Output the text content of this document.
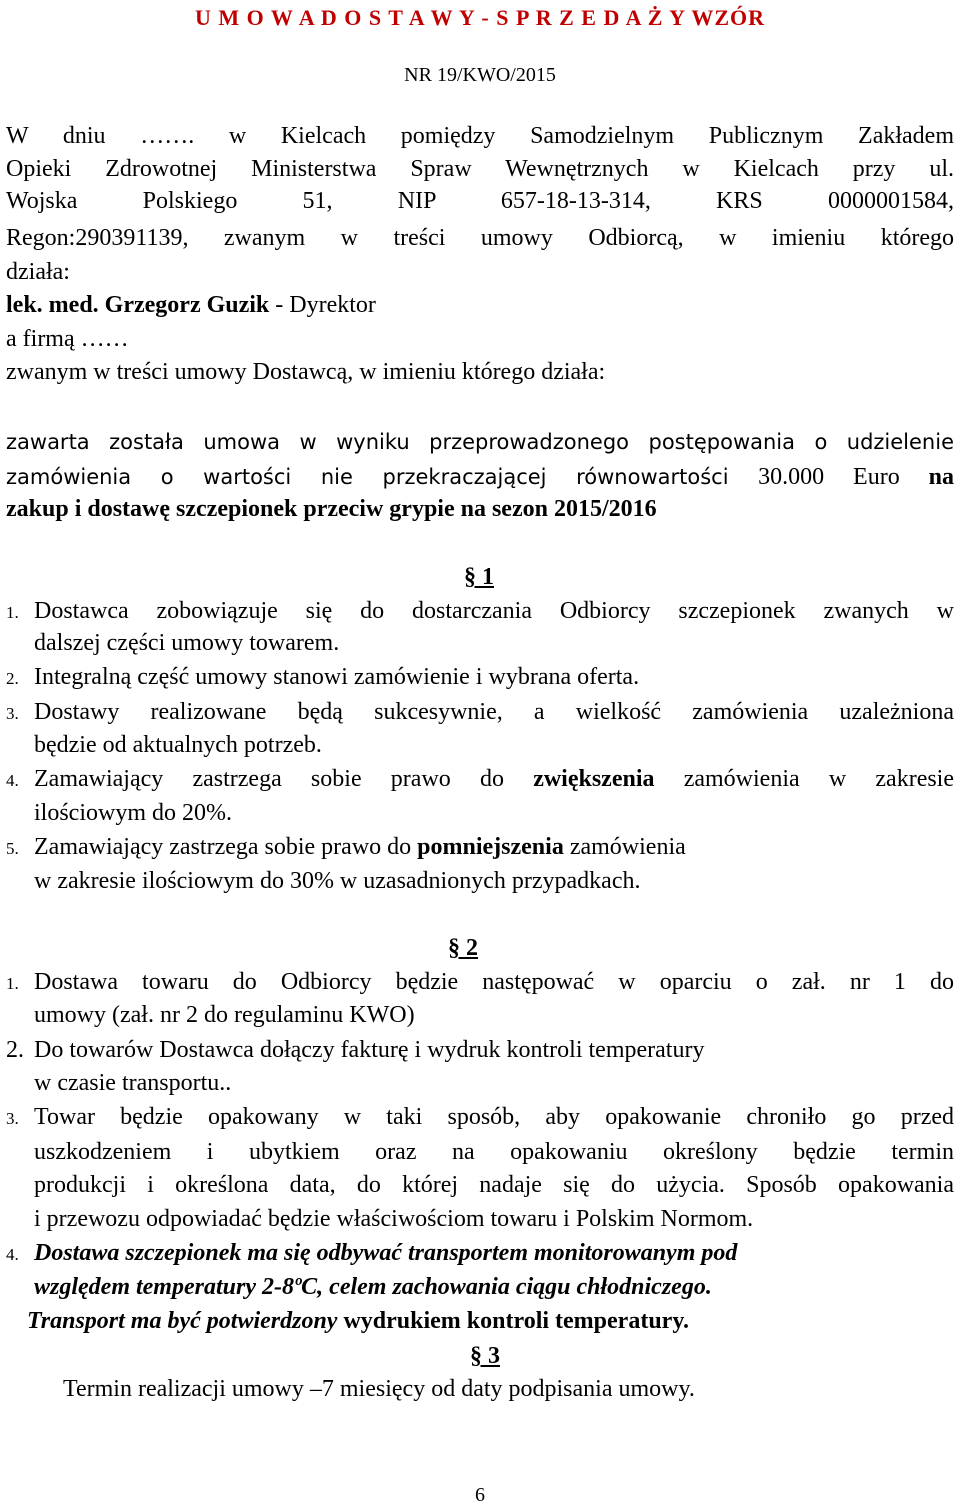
U M O W A D O S T A W Y - S P R Z E D A Ż Y WZÓR
NR 19/KWO/2015
W dniu ……. w Kielcach pomiędzy Samodzielnym Publicznym Zakładem
Opieki Zdrowotnej Ministerstwa Spraw Wewnętrznych w Kielcach przy ul.
Wojska Polskiego 51, NIP 657-18-13-314, KRS 0000001584,
Regon:290391139, zwanym w treści umowy Odbiorcą, w imieniu którego
działa:
lek. med. Grzegorz Guzik - Dyrektor
a firmą ……
zwanym w treści umowy Dostawcą, w imieniu którego działa:
zawarta została umowa w wyniku przeprowadzonego postępowania o udzielenie
zamówienia o wartości nie przekraczającej równowartości 30.000 Euro na
zakup i dostawę szczepionek przeciw grypie na sezon 2015/2016
§ 1
1. Dostawca zobowiązuje się do dostarczania Odbiorcy szczepionek zwanych w
dalszej części umowy towarem.
2. Integralną część umowy stanowi zamówienie i wybrana oferta.
3. Dostawy realizowane będą sukcesywnie, a wielkość zamówienia uzależniona
będzie od aktualnych potrzeb.
4. Zamawiający zastrzega sobie prawo do zwiększenia zamówienia w zakresie
ilościowym do 20%.
5. Zamawiający zastrzega sobie prawo do pomniejszenia zamówienia
w zakresie ilościowym do 30% w uzasadnionych przypadkach.
§ 2
1. Dostawa towaru do Odbiorcy będzie następować w oparciu o zał. nr 1 do
umowy (zał. nr 2 do regulaminu KWO)
2. Do towarów Dostawca dołączy fakturę i wydruk kontroli temperatury
w czasie transportu..
3. Towar będzie opakowany w taki sposób, aby opakowanie chroniło go przed
uszkodzeniem i ubytkiem oraz na opakowaniu określony będzie termin
produkcji i określona data, do której nadaje się do użycia. Sposób opakowania
i przewozu odpowiadać będzie właściwościom towaru i Polskim Normom.
4. Dostawa szczepionek ma się odbywać transportem monitorowanym pod
względem temperatury 2-8ºC, celem zachowania ciągu chłodniczego.
Transport ma być potwierdzony wydrukiem kontroli temperatury.
§ 3
Termin realizacji umowy –7 miesięcy od daty podpisania umowy.
6
